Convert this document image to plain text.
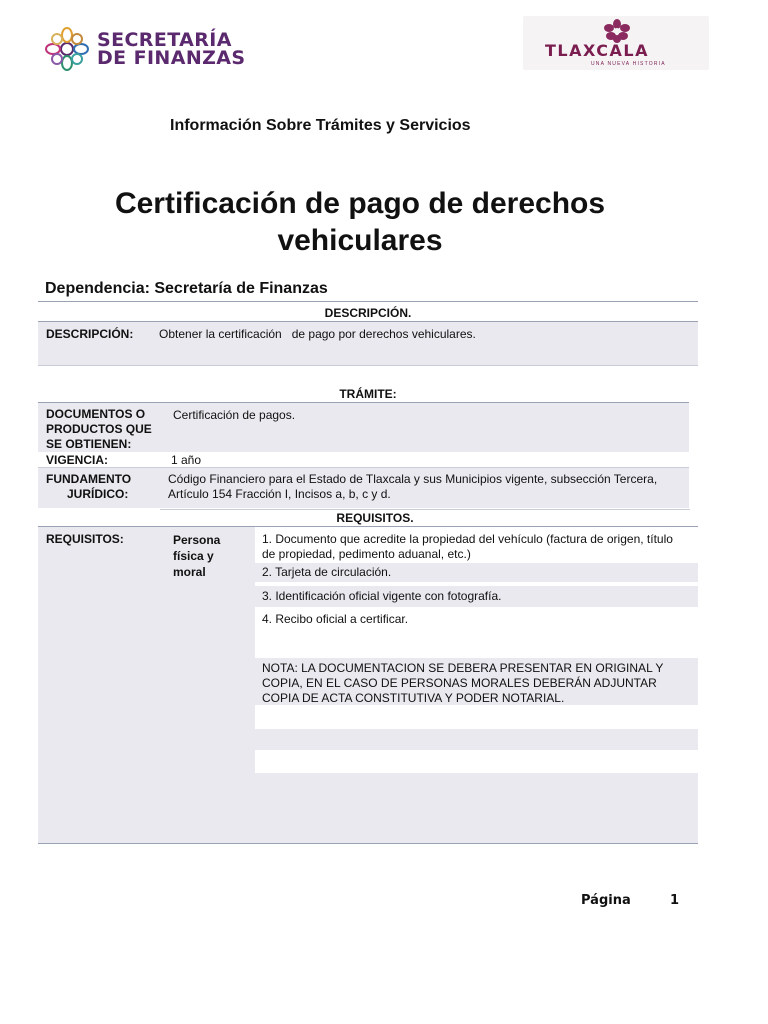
SECRETARÍA
DE FINANZAS	TLAXCALA
UNA NUEVA HISTORIA
Información Sobre Trámites y Servicios
Certificación de pago de derechos
vehiculares
Dependencia: Secretaría de Finanzas
DESCRIPCIÓN.
DESCRIPCIÓN: Obtener la certificación   de pago por derechos vehiculares.
TRÁMITE:
DOCUMENTOS O
PRODUCTOS QUE
SE OBTIENEN:
Certificación de pagos.
VIGENCIA:	1 año
FUNDAMENTO
JURÍDICO:
Código Financiero para el Estado de Tlaxcala y sus Municipios vigente, subsección Tercera,
Artículo 154 Fracción I, Incisos a, b, c y d.
REQUISITOS.
REQUISITOS:	Persona
física y
moral
1. Documento que acredite la propiedad del vehículo (factura de origen, título
de propiedad, pedimento aduanal, etc.)
2. Tarjeta de circulación.
3. Identificación oficial vigente con fotografía.
4. Recibo oficial a certificar.
NOTA: LA DOCUMENTACION SE DEBERA PRESENTAR EN ORIGINAL Y
COPIA, EN EL CASO DE PERSONAS MORALES DEBERÁN ADJUNTAR
COPIA DE ACTA CONSTITUTIVA Y PODER NOTARIAL.
Página	1
